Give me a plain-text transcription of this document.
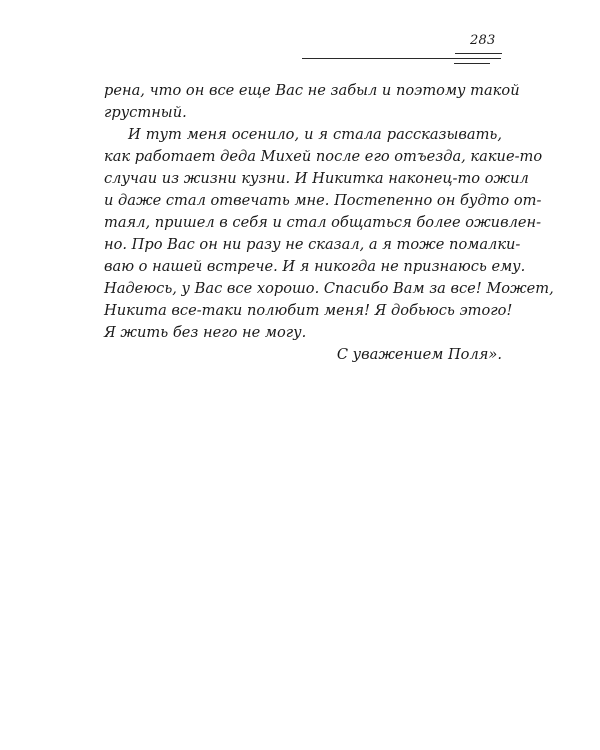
283
рена, что он все еще Вас не забыл и поэтому такой
грустный.
И тут меня осенило, и я стала рассказывать,
как работает деда Михей после его отъезда, какие-то
случаи из жизни кузни. И Никитка наконец-то ожил
и даже стал отвечать мне. Постепенно он будто от-
таял, пришел в себя и стал общаться более оживлен-
но. Про Вас он ни разу не сказал, а я тоже помалки-
ваю о нашей встрече. И я никогда не признаюсь ему.
Надеюсь, у Вас все хорошо. Спасибо Вам за все! Может,
Никита все-таки полюбит меня! Я добьюсь этого!
Я жить без него не могу.
С уважением Поля».
